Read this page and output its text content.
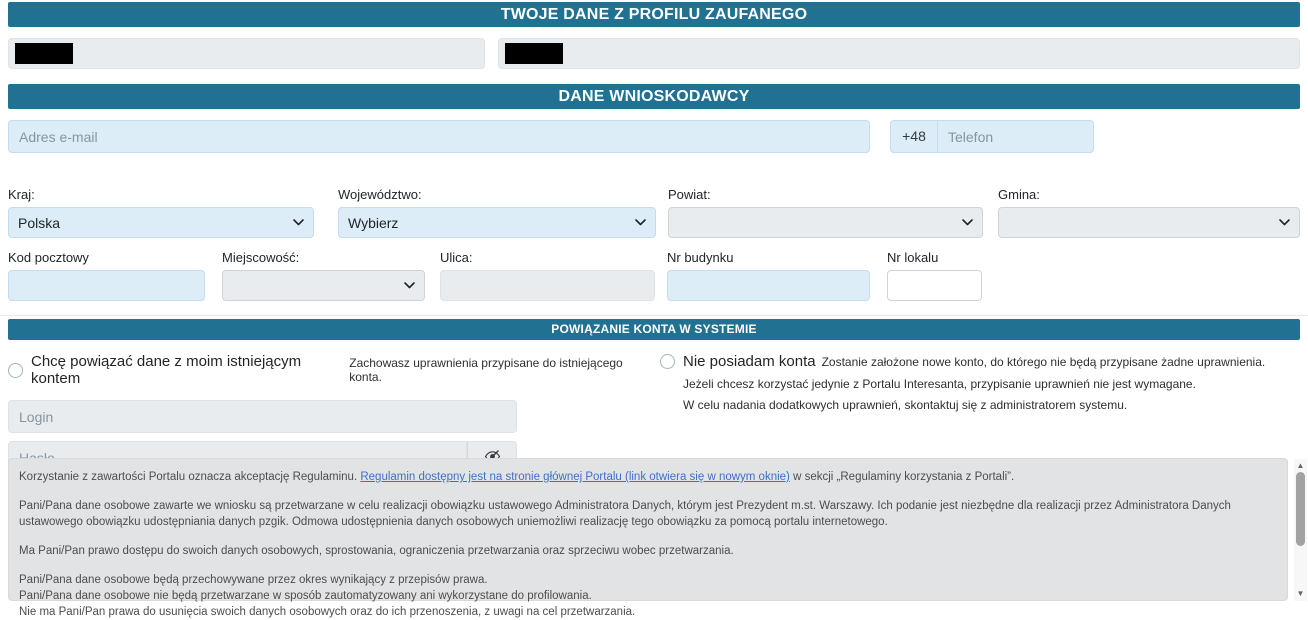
TWOJE DANE Z PROFILU ZAUFANEGO
DANE WNIOSKODAWCY
Adres e-mail
+48
Telefon
Kraj:
Polska
Województwo:
Wybierz
Powiat:	Gmina:
Kod pocztowy	Miejscowość:	Ulica:	Nr budynku	Nr lokalu
POWIĄZANIE KONTA W SYSTEMIE
Chcę powiązać dane z moim istniejącym kontem
Zachowasz uprawnienia przypisane do istniejącego konta.
Login
Hasło
Nie posiadam konta Zostanie założone nowe konto, do którego nie będą przypisane żadne uprawnienia.
Jeżeli chcesz korzystać jedynie z Portalu Interesanta, przypisanie uprawnień nie jest wymagane.
W celu nadania dodatkowych uprawnień, skontaktuj się z administratorem systemu.

Korzystanie z zawartości Portalu oznacza akceptację Regulaminu. Regulamin dostępny jest na stronie głównej Portalu (link otwiera się w nowym oknie) w sekcji „Regulaminy korzystania z Portali”.

Pani/Pana dane osobowe zawarte we wniosku są przetwarzane w celu realizacji obowiązku ustawowego Administratora Danych, którym jest Prezydent m.st. Warszawy. Ich podanie jest niezbędne dla realizacji przez Administratora Danych ustawowego obowiązku udostępniania danych pzgik. Odmowa udostępnienia danych osobowych uniemożliwi realizację tego obowiązku za pomocą portalu internetowego.

Ma Pani/Pan prawo dostępu do swoich danych osobowych, sprostowania, ograniczenia przetwarzania oraz sprzeciwu wobec przetwarzania.

Pani/Pana dane osobowe będą przechowywane przez okres wynikający z przepisów prawa.
Pani/Pana dane osobowe nie będą przetwarzane w sposób zautomatyzowany ani wykorzystane do profilowania.
Nie ma Pani/Pan prawa do usunięcia swoich danych osobowych oraz do ich przenoszenia, z uwagi na cel przetwarzania.
▲
▼
